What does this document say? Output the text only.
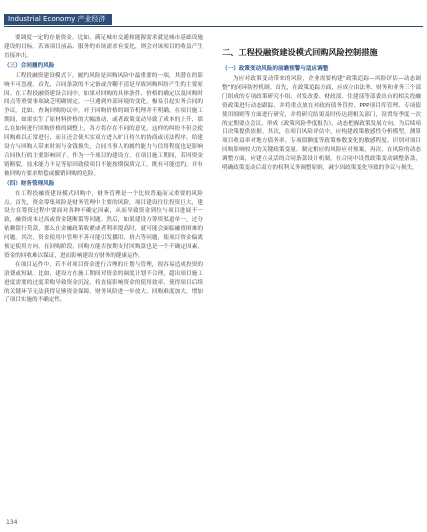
Industrial Economy 产业经济

要调度一定的存量资金。比如，满足城市交通和能源需求就是城市基础设施建设的目标。若该项目前品、服务的市场需求有变化，则会对该项目的收益产生直接冲击。

（三）合同履约风险

工程投融资建设模式下，履约风险是回购风险中最重要的一项，其潜在的影响不可忽视。首先，合同条款的不完备或含糊不清是导致回购纠纷产生的主要原因。在工程投融资建设合同中，如果对回购的具体条件、价格的确定以及回购时间点等重要事项缺乏明确规定，一旦遇到外部环境的变化，极易引起实务合同的争议。比如，查询回购协议中，对于回购价格的调节机理并不明确，在项目施工期间，如果实生了原材料价格的大幅波动，或者政策变动导致了成本的上升，那么在如何进行回购价格的调整上，各方将存在不同的意见。这样的纠纷不但会使回购难以正常进行，而且还会使买实双方进入旷日持久的协商或司法程序，给建设方与回购人带来时间与金钱损失，合同当事人的履约能力与信用程度也是影响合同执行的主要影响因子。作为一个项目的建设方，在项目施工期间，若因资金链断裂，技术能力不足等原因致使项目不能按期保质完工，既有可能违约，并有被回购方要求赔偿或撤销回购的危险。

（四）财务管理风险

在工程投融资建设模式回购中，财务管理是一个比较普遍而又重要的风险点。首先，资金筹集风险是财务管理中主要的风险，项目建设往往投资巨大，建设方在筹资过程中要面对各种不确定因素，从而导致资金到位与项目进展不一致，融资成本过高或资金链断裂等问题。然后，如果建设方筹资渠道单一，过分依赖银行贷款，那么在金融政策收紧或者利率提高时，就可能会面临融资困难的问题。其次，资金使用中管理不善可能引发挪用、挤占等问题，使项目资金偏离预定使用方向。在回购阶段，回购方能否按期支付回购款也是一个不确定因素，资金的回收难以保证，进而影响建设方财务的健康运作。

在项目运作中，若不对项目资金进行合理的计划与管理，很容易造成投资的浪费或短缺。比如，建设方在施工期间对资金的调度计划不合理，超出项目施工进度需要的过度采购导致资金沉淀，将直接影响资金的使用效率，使得项目后续的关键环节无法获得足够资金保障。财务风险进一步放大，回购难度加大，增加了项目实施的不确定性。

二、工程投融资建设模式回购风险控制措施

（一）政策变动风险的前瞻预警与适应调整

为应对政策变动带来的风险，企业需要构建“政策追踪—风险评估—动态调整”的闭环防控机制。首先，在政策追踪方面，应成立由法务、财务和业务三个部门组成的专项政策研究小组，对发改委、财政部、住建部等部委出台的相关投融资政策进行动态跟踪，并将重点放在对政府债务管控、PPP项目库管理、专项债使用细则等方面进行研究，并将研究结果及时传达到相关部门，设置每季度一次的定期要点会议，形成《政策风险季度报告》，动态把握政策发展方向，为后续项目决策提供依据。其次，在项目风险评估中，应构建政策敏感性分析模型，测算项目收益率对地方债务率、专项债额度等政策参数变化的敏感程度，识别对项目回购影响较大的关键政策变量，制定相应的风险应对预案。再次，在风险的动态调整方面，应建立灵活的合同条款设计机制，在合同中设置政策变动调整条款，明确政策变动后双方的权利义务调整原则，减少因政策变化导致的争议与损失。

134
